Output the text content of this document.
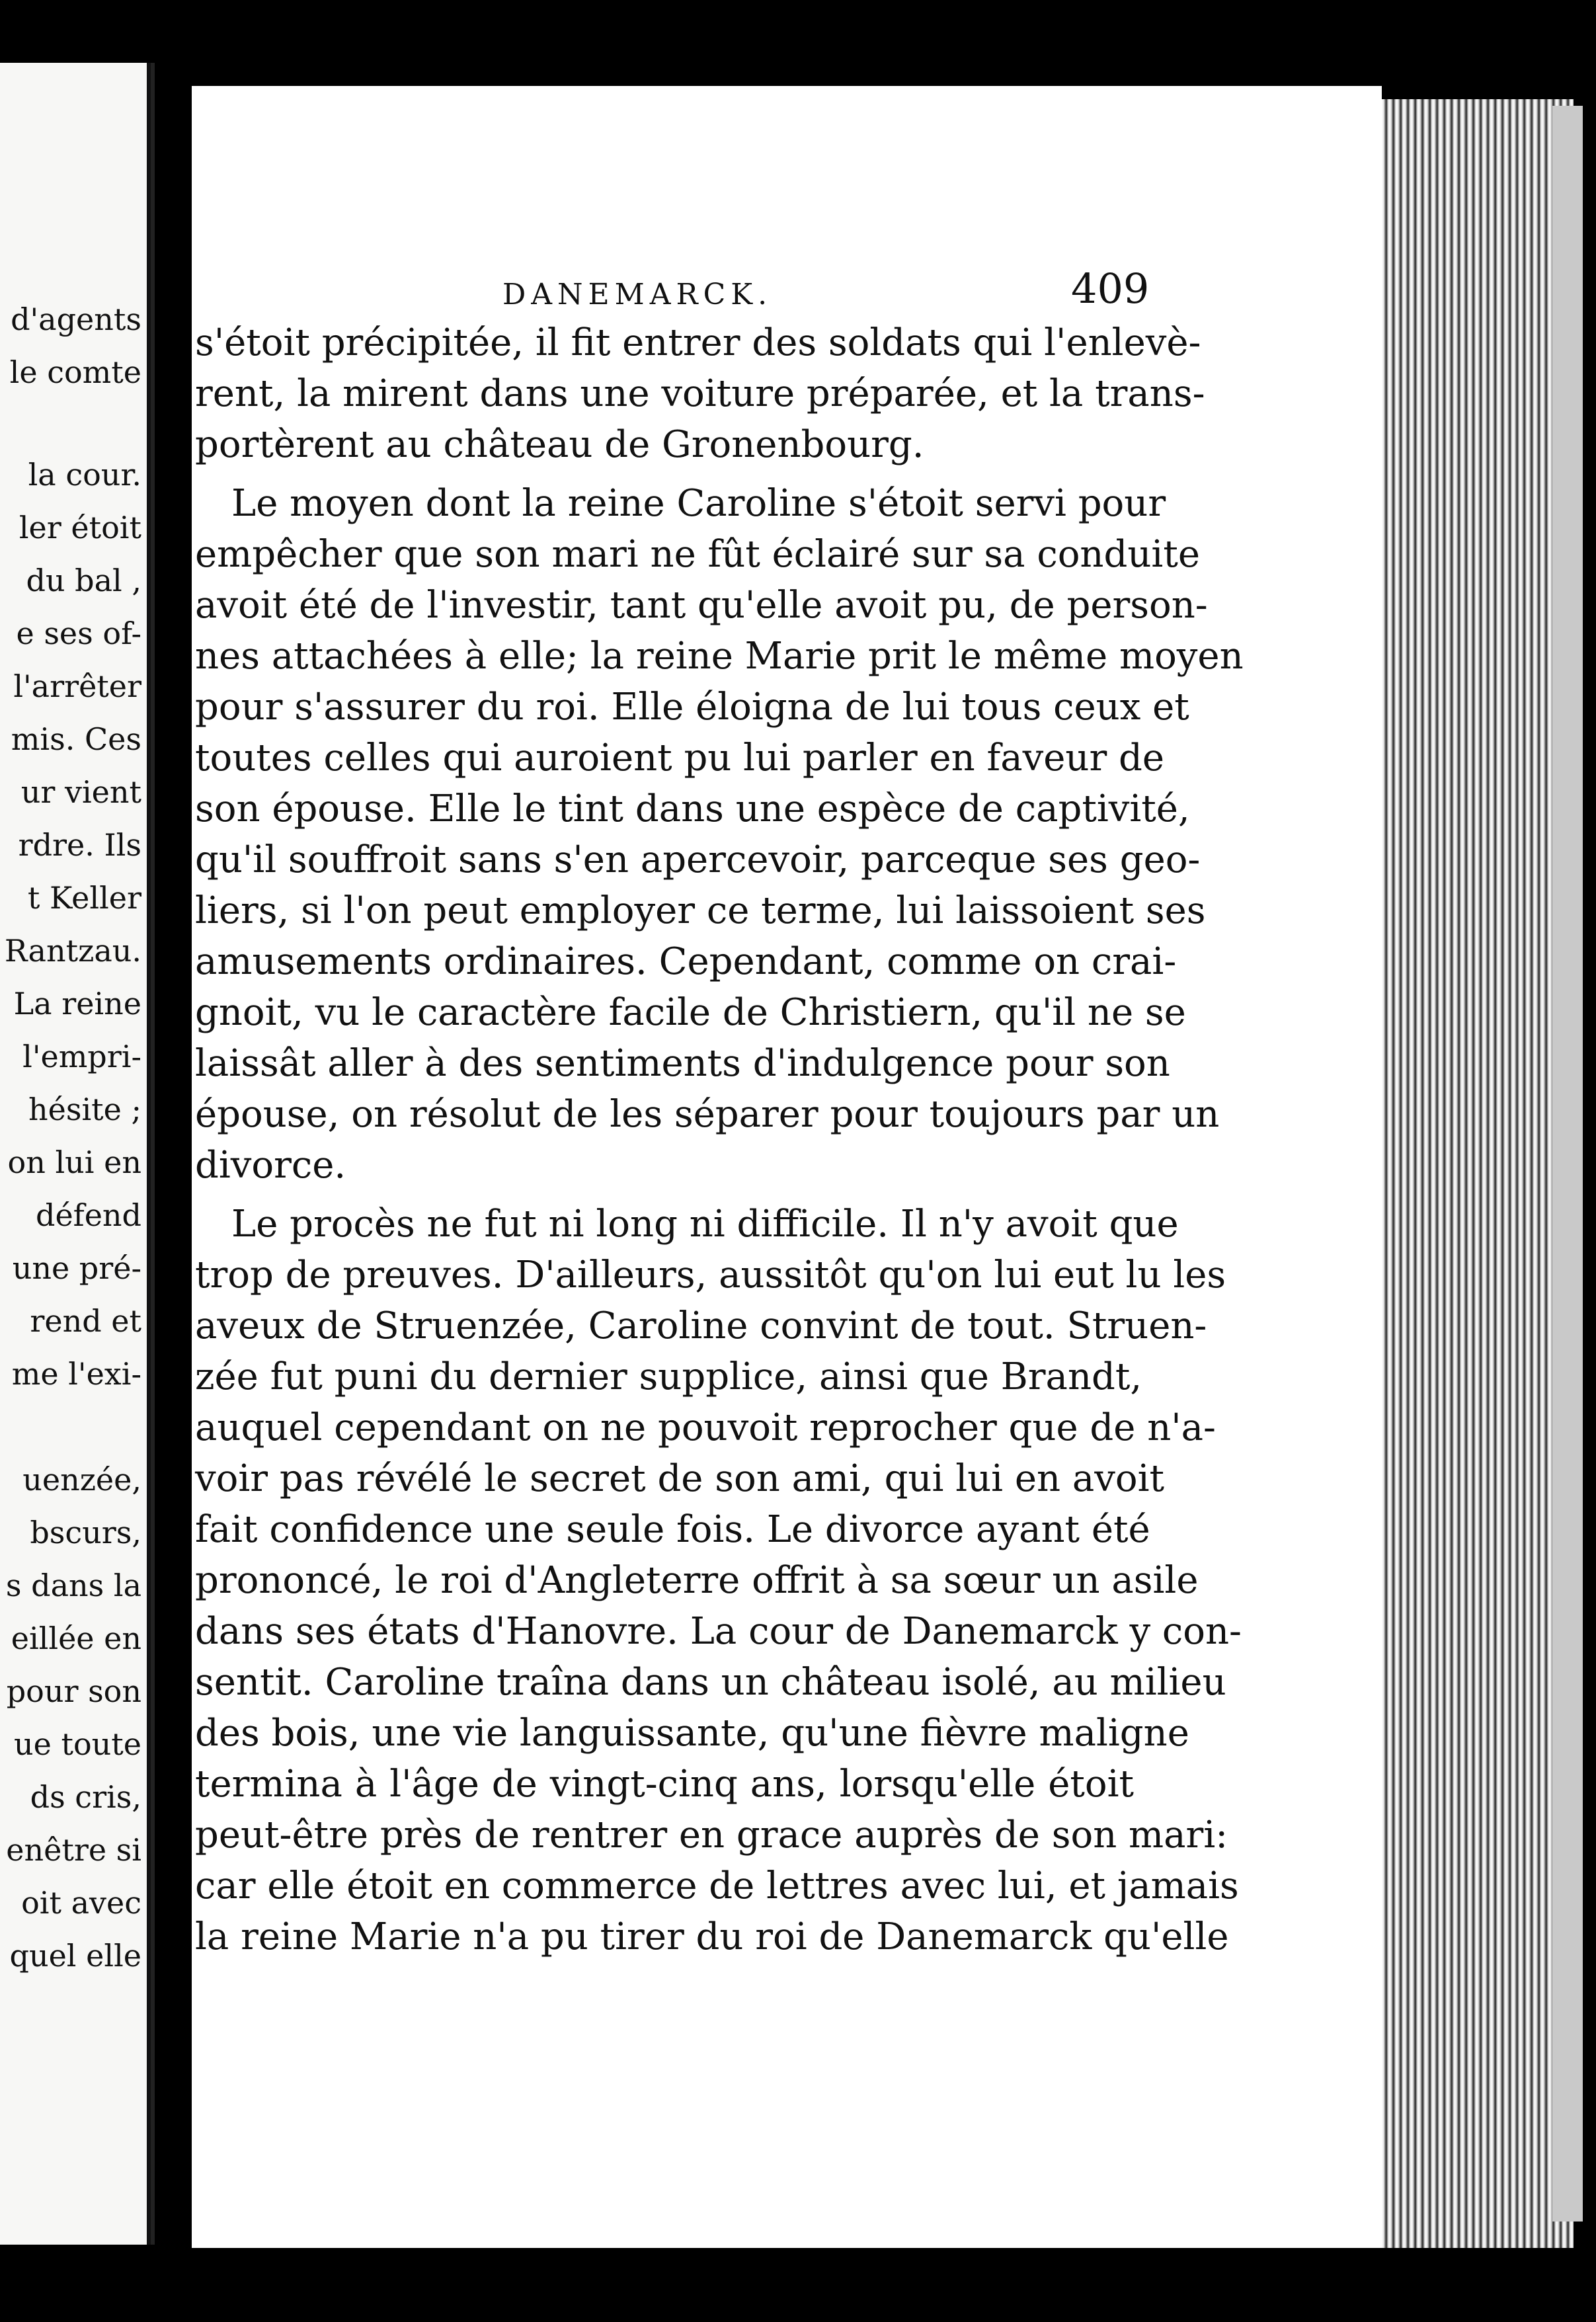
d'agents
le comte
la cour.
ler étoit
du bal ,
e ses of-
l'arrêter
mis. Ces
ur vient
rdre. Ils
t Keller
Rantzau.
La reine
l'empri-
hésite ;
on lui en
défend
une pré-
rend et
me l'exi-
uenzée,
bscurs,
s dans la
eillée en
pour son
ue toute
ds cris,
enêtre si
oit avec
quel elle
DANEMARCK.	409
s'étoit précipitée, il fit entrer des soldats qui l'enlevè-
rent, la mirent dans une voiture préparée, et la trans-
portèrent au château de Gronenbourg.
Le moyen dont la reine Caroline s'étoit servi pour
empêcher que son mari ne fût éclairé sur sa conduite
avoit été de l'investir, tant qu'elle avoit pu, de person-
nes attachées à elle; la reine Marie prit le même moyen
pour s'assurer du roi. Elle éloigna de lui tous ceux et
toutes celles qui auroient pu lui parler en faveur de
son épouse. Elle le tint dans une espèce de captivité,
qu'il souffroit sans s'en apercevoir, parceque ses geo-
liers, si l'on peut employer ce terme, lui laissoient ses
amusements ordinaires. Cependant, comme on crai-
gnoit, vu le caractère facile de Christiern, qu'il ne se
laissât aller à des sentiments d'indulgence pour son
épouse, on résolut de les séparer pour toujours par un
divorce.
Le procès ne fut ni long ni difficile. Il n'y avoit que
trop de preuves. D'ailleurs, aussitôt qu'on lui eut lu les
aveux de Struenzée, Caroline convint de tout. Struen-
zée fut puni du dernier supplice, ainsi que Brandt,
auquel cependant on ne pouvoit reprocher que de n'a-
voir pas révélé le secret de son ami, qui lui en avoit
fait confidence une seule fois. Le divorce ayant été
prononcé, le roi d'Angleterre offrit à sa sœur un asile
dans ses états d'Hanovre. La cour de Danemarck y con-
sentit. Caroline traîna dans un château isolé, au milieu
des bois, une vie languissante, qu'une fièvre maligne
termina à l'âge de vingt-cinq ans, lorsqu'elle étoit
peut-être près de rentrer en grace auprès de son mari:
car elle étoit en commerce de lettres avec lui, et jamais
la reine Marie n'a pu tirer du roi de Danemarck qu'elle
